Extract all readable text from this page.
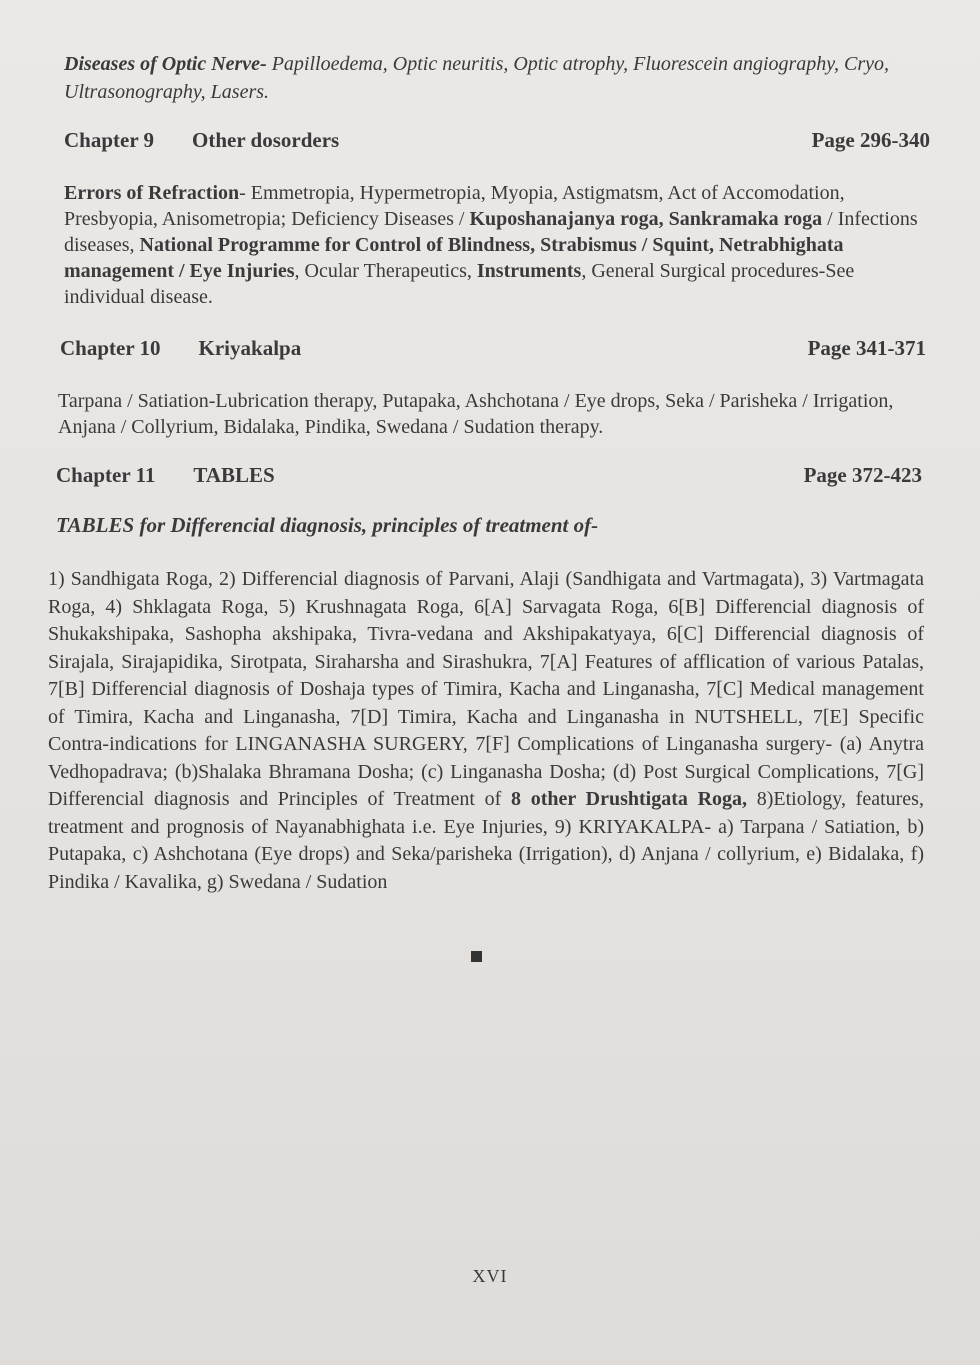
Diseases of Optic Nerve- Papilloedema, Optic neuritis, Optic atrophy, Fluorescein angiography, Cryo, Ultrasonography, Lasers.

Chapter 9 Other dosorders	Page 296-340

Errors of Refraction- Emmetropia, Hypermetropia, Myopia, Astigmatsm, Act of Accomodation, Presbyopia, Anisometropia; Deficiency Diseases / Kuposhanajanya roga, Sankramaka roga / Infections diseases, National Programme for Control of Blindness, Strabismus / Squint, Netrabhighata management / Eye Injuries, Ocular Therapeutics, Instruments, General Surgical procedures-See individual disease.

Chapter 10 Kriyakalpa	Page 341-371

Tarpana / Satiation-Lubrication therapy, Putapaka, Ashchotana / Eye drops, Seka / Parisheka / Irrigation, Anjana / Collyrium, Bidalaka, Pindika, Swedana / Sudation therapy.

Chapter 11 TABLES	Page 372-423

TABLES for Differencial diagnosis, principles of treatment of-

1) Sandhigata Roga, 2) Differencial diagnosis of Parvani, Alaji (Sandhigata and Vartmagata), 3) Vartmagata Roga, 4) Shklagata Roga, 5) Krushnagata Roga, 6[A] Sarvagata Roga, 6[B] Differencial diagnosis of Shukakshipaka, Sashopha akshipaka, Tivra-vedana and Akshipakatyaya, 6[C] Differencial diagnosis of Sirajala, Sirajapidika, Sirotpata, Siraharsha and Sirashukra, 7[A] Features of afflication of various Patalas, 7[B] Differencial diagnosis of Doshaja types of Timira, Kacha and Linganasha, 7[C] Medical management of Timira, Kacha and Linganasha, 7[D] Timira, Kacha and Linganasha in NUTSHELL, 7[E] Specific Contra-indications for LINGANASHA SURGERY, 7[F] Complications of Linganasha surgery- (a) Anytra Vedhopadrava; (b)Shalaka Bhramana Dosha; (c) Linganasha Dosha; (d) Post Surgical Complications, 7[G] Differencial diagnosis and Principles of Treatment of 8 other Drushtigata Roga, 8)Etiology, features, treatment and prognosis of Nayanabhighata i.e. Eye Injuries, 9) KRIYAKALPA- a) Tarpana / Satiation, b) Putapaka, c) Ashchotana (Eye drops) and Seka/parisheka (Irrigation), d) Anjana / collyrium, e) Bidalaka, f) Pindika / Kavalika, g) Swedana / Sudation

XVI
